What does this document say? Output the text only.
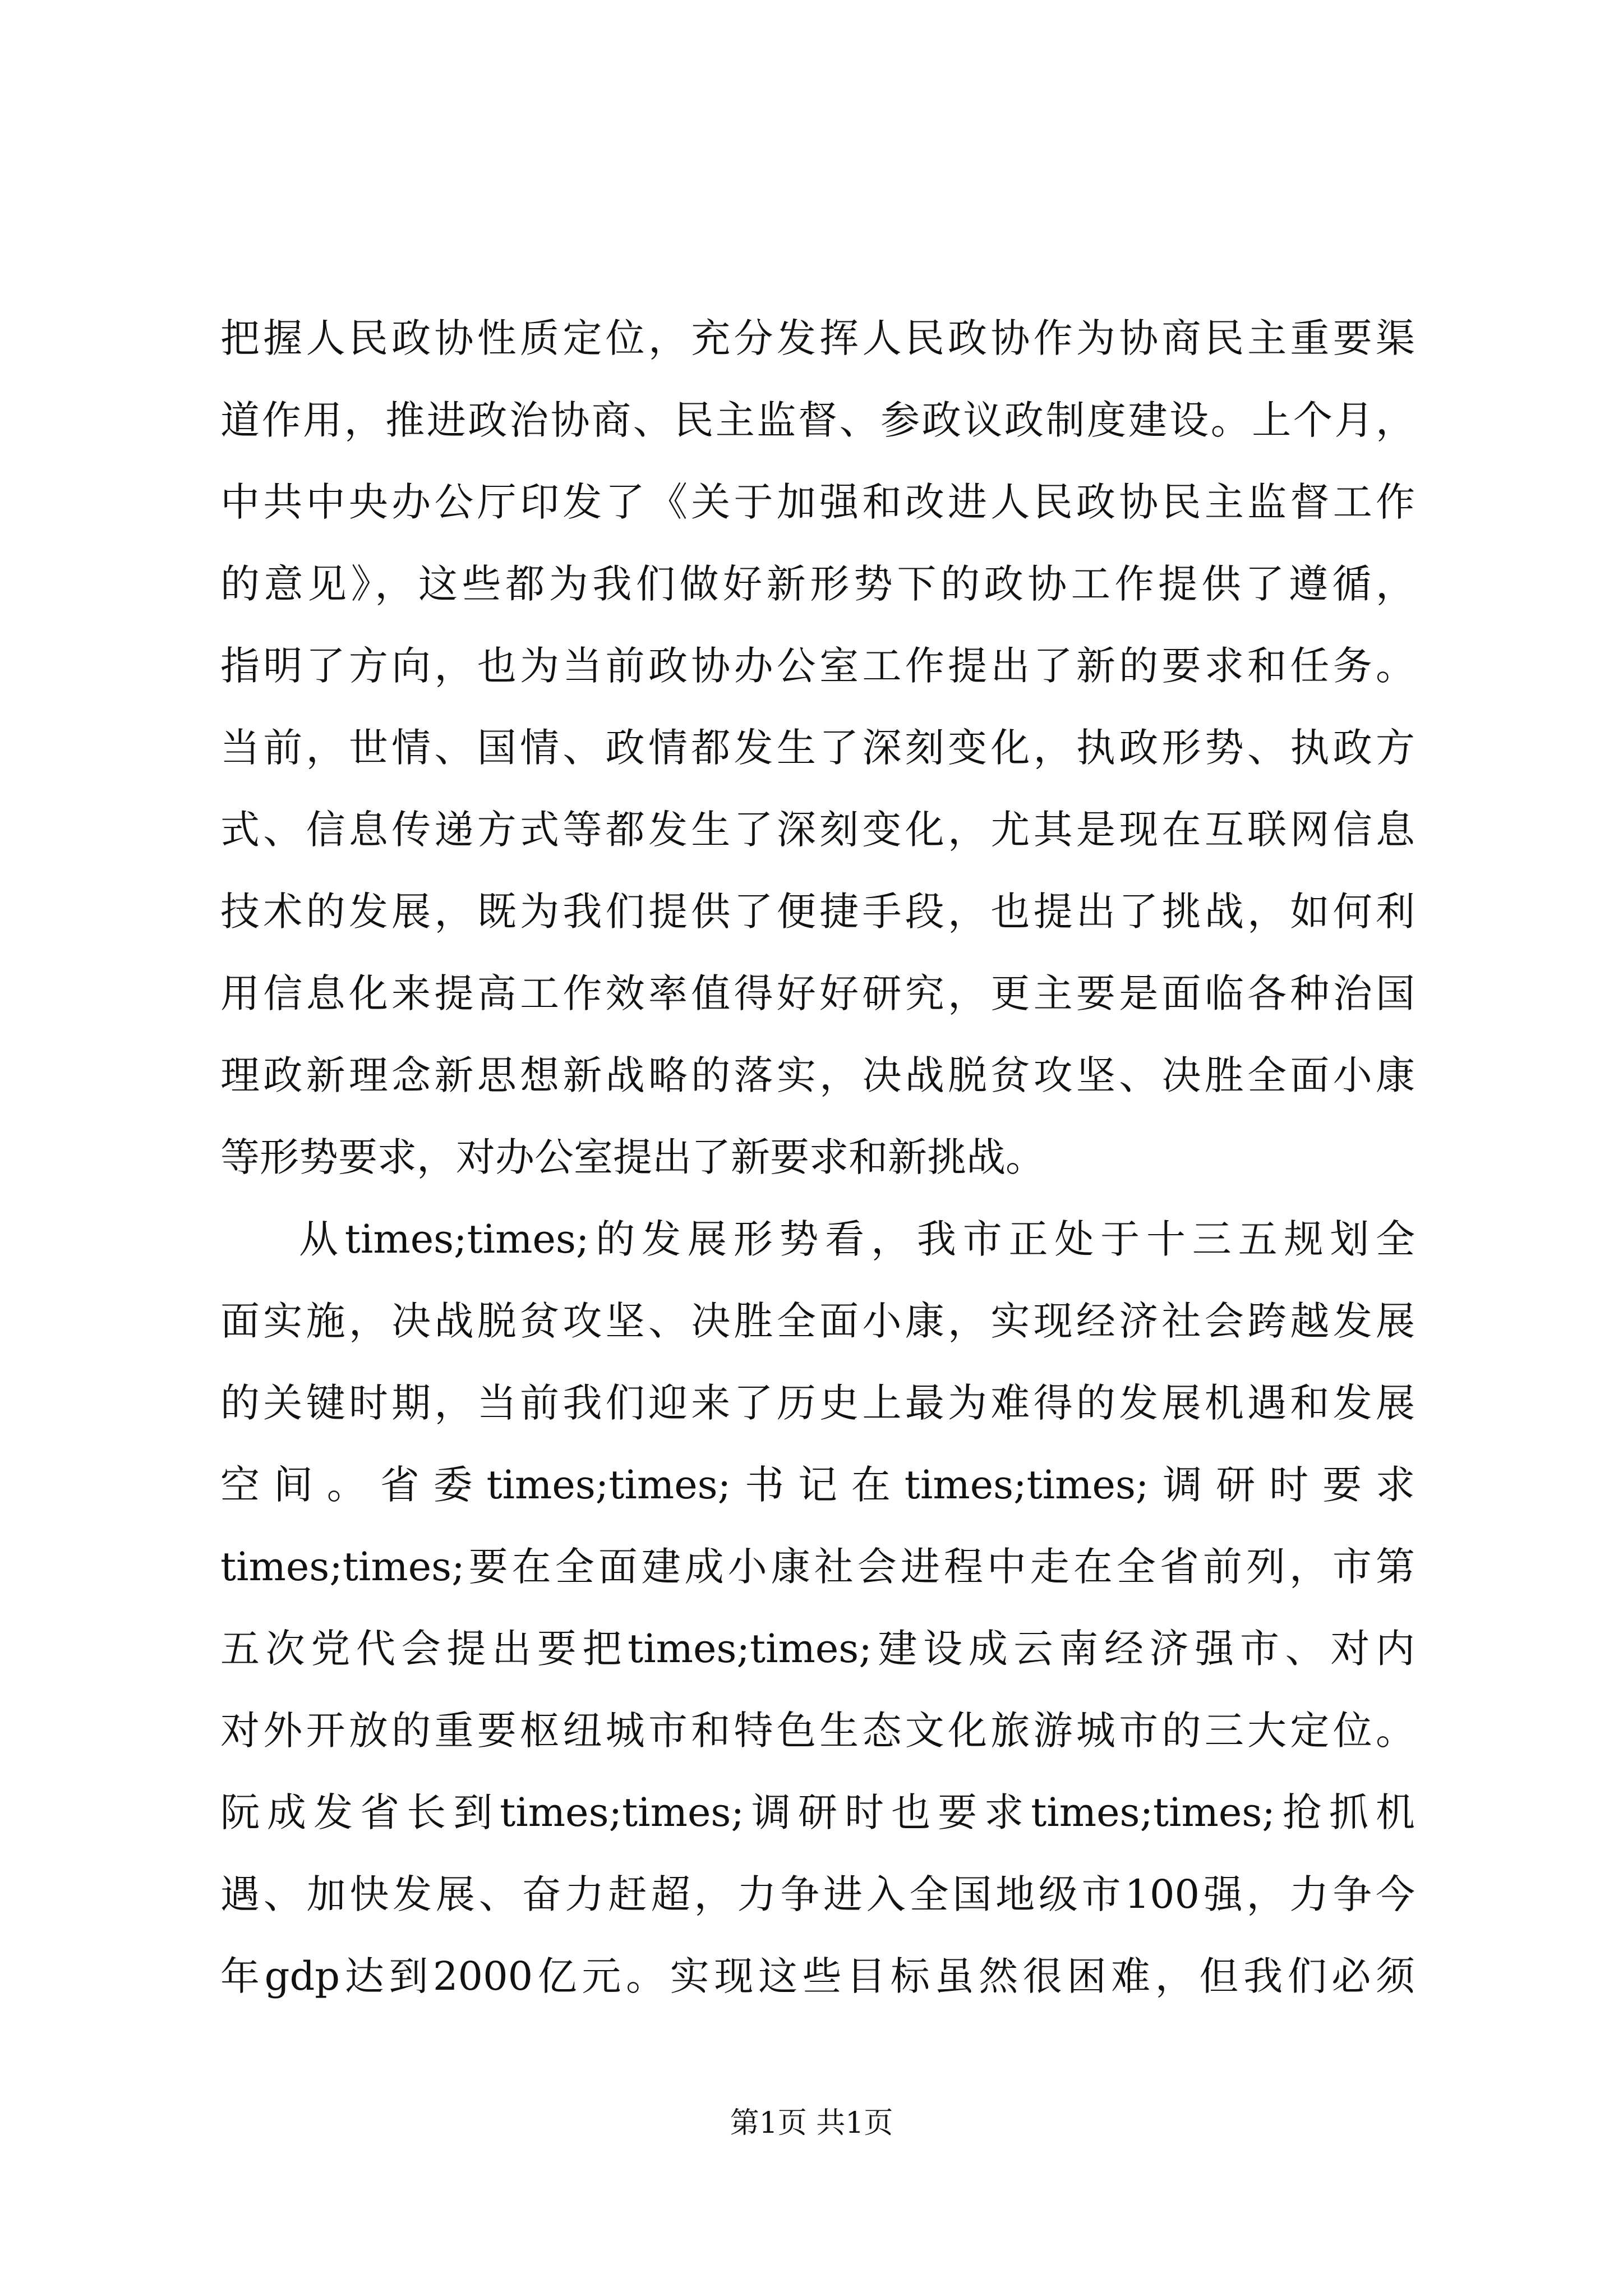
把握人民政协性质定位，充分发挥人民政协作为协商民主重要渠
道作用，推进政治协商、民主监督、参政议政制度建设。上个月，
中共中央办公厅印发了《关于加强和改进人民政协民主监督工作
的意见》，这些都为我们做好新形势下的政协工作提供了遵循，
指明了方向，也为当前政协办公室工作提出了新的要求和任务。
当前，世情、国情、政情都发生了深刻变化，执政形势、执政方
式、信息传递方式等都发生了深刻变化，尤其是现在互联网信息
技术的发展，既为我们提供了便捷手段，也提出了挑战，如何利
用信息化来提高工作效率值得好好研究，更主要是面临各种治国
理政新理念新思想新战略的落实，决战脱贫攻坚、决胜全面小康
等形势要求，对办公室提出了新要求和新挑战。
从times;times;的发展形势看，我市正处于十三五规划全
面实施，决战脱贫攻坚、决胜全面小康，实现经济社会跨越发展
的关键时期，当前我们迎来了历史上最为难得的发展机遇和发展
空间。省委times;times;书记在times;times;调研时要求
times;times;要在全面建成小康社会进程中走在全省前列，市第
五次党代会提出要把times;times;建设成云南经济强市、对内
对外开放的重要枢纽城市和特色生态文化旅游城市的三大定位。
阮成发省长到times;times;调研时也要求times;times;抢抓机
遇、加快发展、奋力赶超，力争进入全国地级市100强，力争今
年gdp达到2000亿元。实现这些目标虽然很困难，但我们必须
第1页 共1页
